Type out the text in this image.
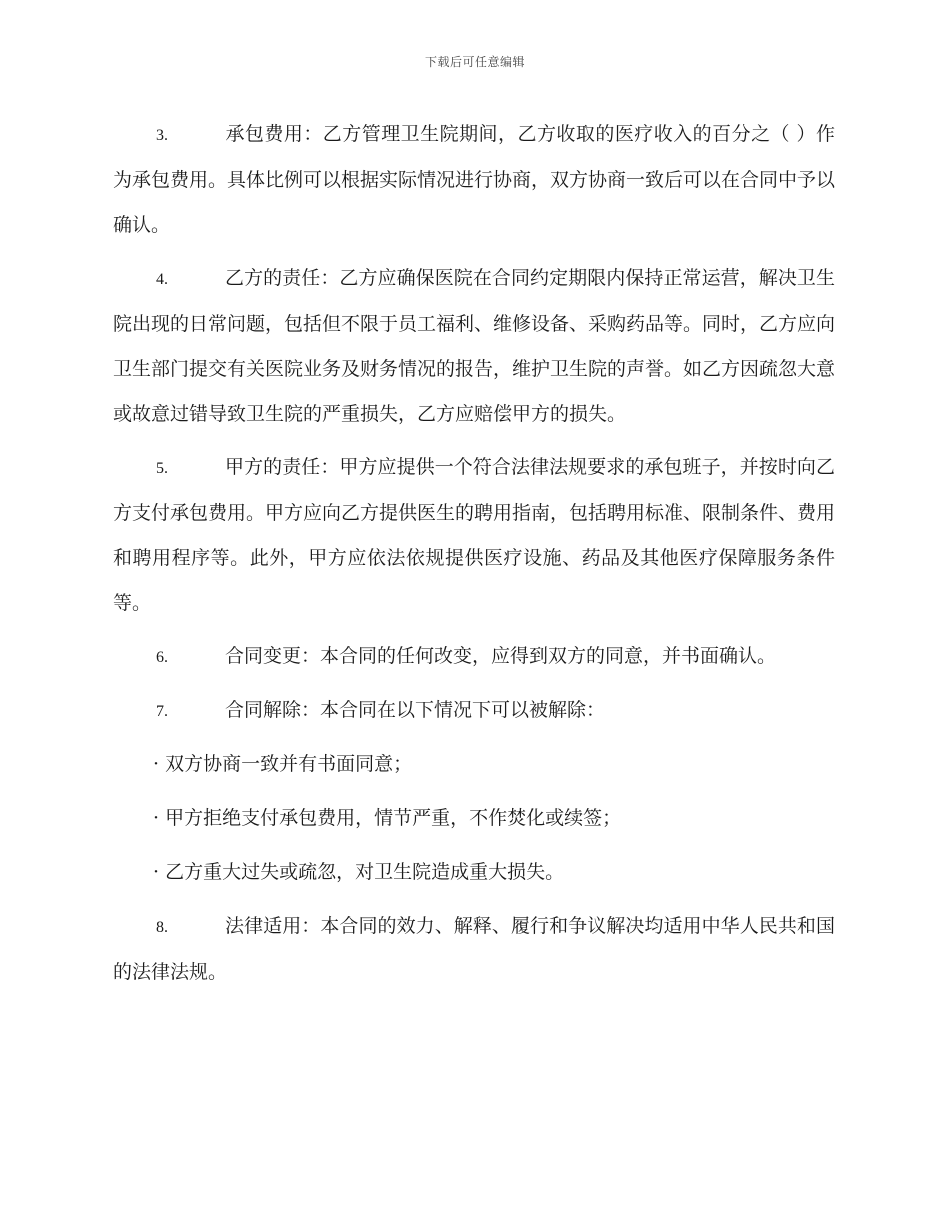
下载后可任意编辑

3.	承包费用：乙方管理卫生院期间，乙方收取的医疗收入的百分之（ ）作为承包费用。具体比例可以根据实际情况进行协商，双方协商一致后可以在合同中予以确认。

4.	乙方的责任：乙方应确保医院在合同约定期限内保持正常运营，解决卫生院出现的日常问题，包括但不限于员工福利、维修设备、采购药品等。同时，乙方应向卫生部门提交有关医院业务及财务情况的报告，维护卫生院的声誉。如乙方因疏忽大意或故意过错导致卫生院的严重损失，乙方应赔偿甲方的损失。

5.	甲方的责任：甲方应提供一个符合法律法规要求的承包班子，并按时向乙方支付承包费用。甲方应向乙方提供医生的聘用指南，包括聘用标准、限制条件、费用和聘用程序等。此外，甲方应依法依规提供医疗设施、药品及其他医疗保障服务条件等。

6.	合同变更：本合同的任何改变，应得到双方的同意，并书面确认。

7.	合同解除：本合同在以下情况下可以被解除：

· 双方协商一致并有书面同意；

· 甲方拒绝支付承包费用，情节严重，不作焚化或续签；

· 乙方重大过失或疏忽，对卫生院造成重大损失。

8.	法律适用：本合同的效力、解释、履行和争议解决均适用中华人民共和国的法律法规。
